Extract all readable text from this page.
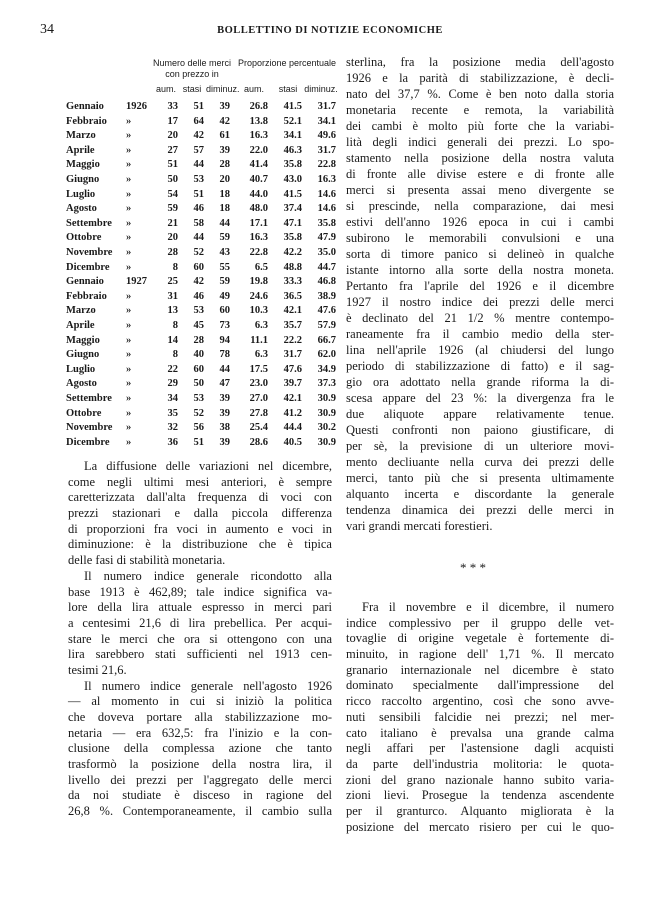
34	BOLLETTINO DI NOTIZIE ECONOMICHE
Numero delle merci con prezzo in
Proporzione percentuale
aum. stasi diminuz. aum.	stasi diminuz.
Gennaio	1926	33	51	39	26.8	41.5	31.7
Febbraio	»	17	64	42	13.8	52.1	34.1
Marzo	»	20	42	61	16.3	34.1	49.6
Aprile	»	27	57	39	22.0	46.3	31.7
Maggio	»	51	44	28	41.4	35.8	22.8
Giugno	»	50	53	20	40.7	43.0	16.3
Luglio	»	54	51	18	44.0	41.5	14.6
Agosto	»	59	46	18	48.0	37.4	14.6
Settembre	»	21	58	44	17.1	47.1	35.8
Ottobre	»	20	44	59	16.3	35.8	47.9
Novembre	»	28	52	43	22.8	42.2	35.0
Dicembre	»	8	60	55	6.5	48.8	44.7
Gennaio	1927	25	42	59	19.8	33.3	46.8
Febbraio	»	31	46	49	24.6	36.5	38.9
Marzo	»	13	53	60	10.3	42.1	47.6
Aprile	»	8	45	73	6.3	35.7	57.9
Maggio	»	14	28	94	11.1	22.2	66.7
Giugno	»	8	40	78	6.3	31.7	62.0
Luglio	»	22	60	44	17.5	47.6	34.9
Agosto	»	29	50	47	23.0	39.7	37.3
Settembre	»	34	53	39	27.0	42.1	30.9
Ottobre	»	35	52	39	27.8	41.2	30.9
Novembre	»	32	56	38	25.4	44.4	30.2
Dicembre	»	36	51	39	28.6	40.5	30.9
La diffusione delle variazioni nel dicembre,
come negli ultimi mesi anteriori, è sempre
caretterizzata dall'alta frequenza di voci con
prezzi stazionari e dalla piccola differenza
di proporzioni fra voci in aumento e voci in
diminuzione: è la distribuzione che è tipica
delle fasi di stabilità monetaria.
Il numero indice generale ricondotto alla
base 1913 è 462,89; tale indice significa va-
lore della lira attuale espresso in merci pari
a centesimi 21,6 di lira prebellica. Per acqui-
stare le merci che ora si ottengono con una
lira sarebbero stati sufficienti nel 1913 cen-
tesimi 21,6.
Il numero indice generale nell'agosto 1926
— al momento in cui si iniziò la politica
che doveva portare alla stabilizzazione mo-
netaria — era 632,5: fra l'inizio e la con-
clusione della complessa azione che tanto
trasformò la posizione della nostra lira, il
livello dei prezzi per l'aggregato delle merci
da noi studiate è disceso in ragione del
26,8 %. Contemporaneamente, il cambio sulla
sterlina, fra la posizione media dell'agosto
1926 e la parità di stabilizzazione, è decli-
nato del 37,7 %. Come è ben noto dalla storia
monetaria recente e remota, la variabilità
dei cambi è molto più forte che la variabi-
lità degli indici generali dei prezzi. Lo spo-
stamento nella posizione della nostra valuta
di fronte alle divise estere e di fronte alle
merci si presenta assai meno divergente se
si prescinde, nella comparazione, dai mesi
estivi dell'anno 1926 epoca in cui i cambi
subirono le memorabili convulsioni e una
sorta di timore panico si delineò in qualche
istante intorno alla sorte della nostra moneta.
Pertanto fra l'aprile del 1926 e il dicembre
1927 il nostro indice dei prezzi delle merci
è declinato del 21 1/2 % mentre contempo-
raneamente fra il cambio medio della ster-
lina nell'aprile 1926 (al chiudersi del lungo
periodo di stabilizzazione di fatto) e il sag-
gio ora adottato nella grande riforma la di-
scesa appare del 23 %: la divergenza fra le
due aliquote appare relativamente tenue.
Questi confronti non paiono giustificare, di
per sè, la previsione di un ulteriore movi-
mento decliuante nella curva dei prezzi delle
merci, tanto più che si presenta ultimamente
alquanto incerta e discordante la generale
tendenza dinamica dei prezzi delle merci in
vari grandi mercati forestieri.
* * *
Fra il novembre e il dicembre, il numero
indice complessivo per il gruppo delle vet-
tovaglie di origine vegetale è fortemente di-
minuito, in ragione dell' 1,71 %. Il mercato
granario internazionale nel dicembre è stato
dominato specialmente dall'impressione del
ricco raccolto argentino, così che sono avve-
nuti sensibili falcidie nei prezzi; nel mer-
cato italiano è prevalsa una grande calma
negli affari per l'astensione dagli acquisti
da parte dell'industria molitoria: le quota-
zioni del grano nazionale hanno subito varia-
zioni lievi. Prosegue la tendenza ascendente
per il granturco. Alquanto migliorata è la
posizione del mercato risiero per cui le quo-
